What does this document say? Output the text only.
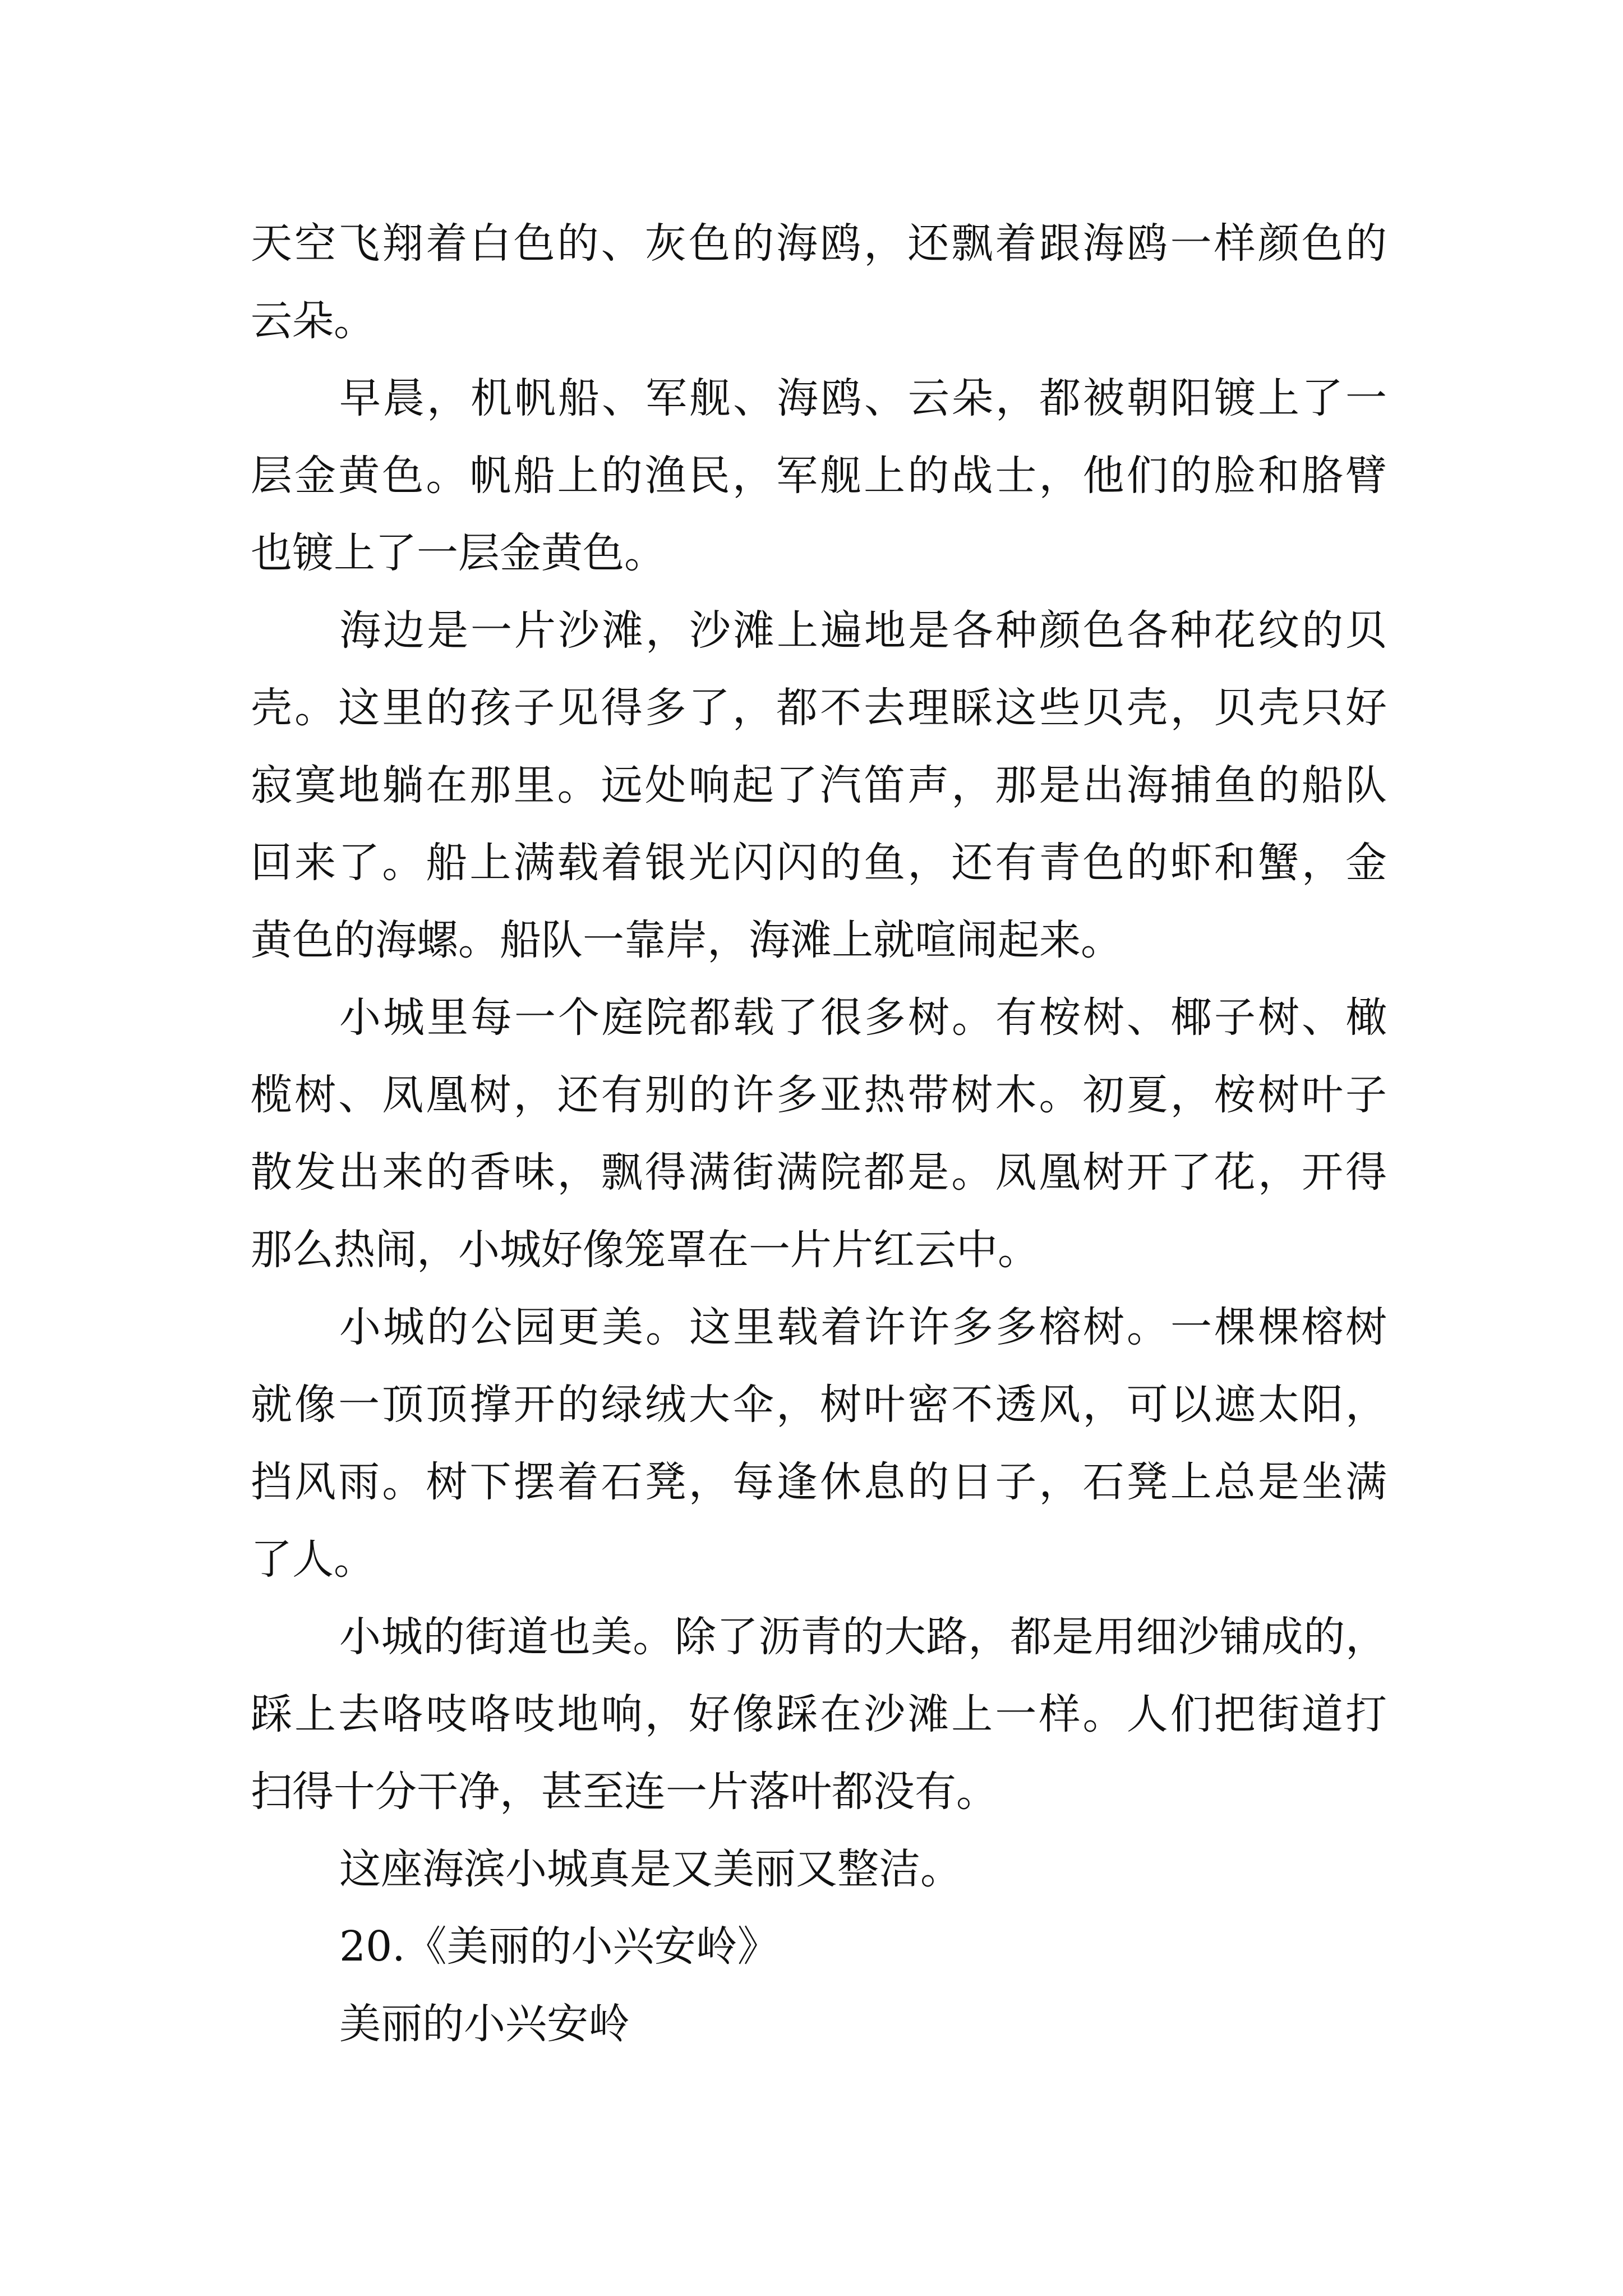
天空飞翔着白色的、灰色的海鸥，还飘着跟海鸥一样颜色的
云朵。
早晨，机帆船、军舰、海鸥、云朵，都被朝阳镀上了一
层金黄色。帆船上的渔民，军舰上的战士，他们的脸和胳臂
也镀上了一层金黄色。
海边是一片沙滩，沙滩上遍地是各种颜色各种花纹的贝
壳。这里的孩子见得多了，都不去理睬这些贝壳，贝壳只好
寂寞地躺在那里。远处响起了汽笛声，那是出海捕鱼的船队
回来了。船上满载着银光闪闪的鱼，还有青色的虾和蟹，金
黄色的海螺。船队一靠岸，海滩上就喧闹起来。
小城里每一个庭院都载了很多树。有桉树、椰子树、橄
榄树、凤凰树，还有别的许多亚热带树木。初夏，桉树叶子
散发出来的香味，飘得满街满院都是。凤凰树开了花，开得
那么热闹，小城好像笼罩在一片片红云中。
小城的公园更美。这里载着许许多多榕树。一棵棵榕树
就像一顶顶撑开的绿绒大伞，树叶密不透风，可以遮太阳，
挡风雨。树下摆着石凳，每逢休息的日子，石凳上总是坐满
了人。
小城的街道也美。除了沥青的大路，都是用细沙铺成的，
踩上去咯吱咯吱地响，好像踩在沙滩上一样。人们把街道打
扫得十分干净，甚至连一片落叶都没有。
这座海滨小城真是又美丽又整洁。
20.《美丽的小兴安岭》
美丽的小兴安岭
